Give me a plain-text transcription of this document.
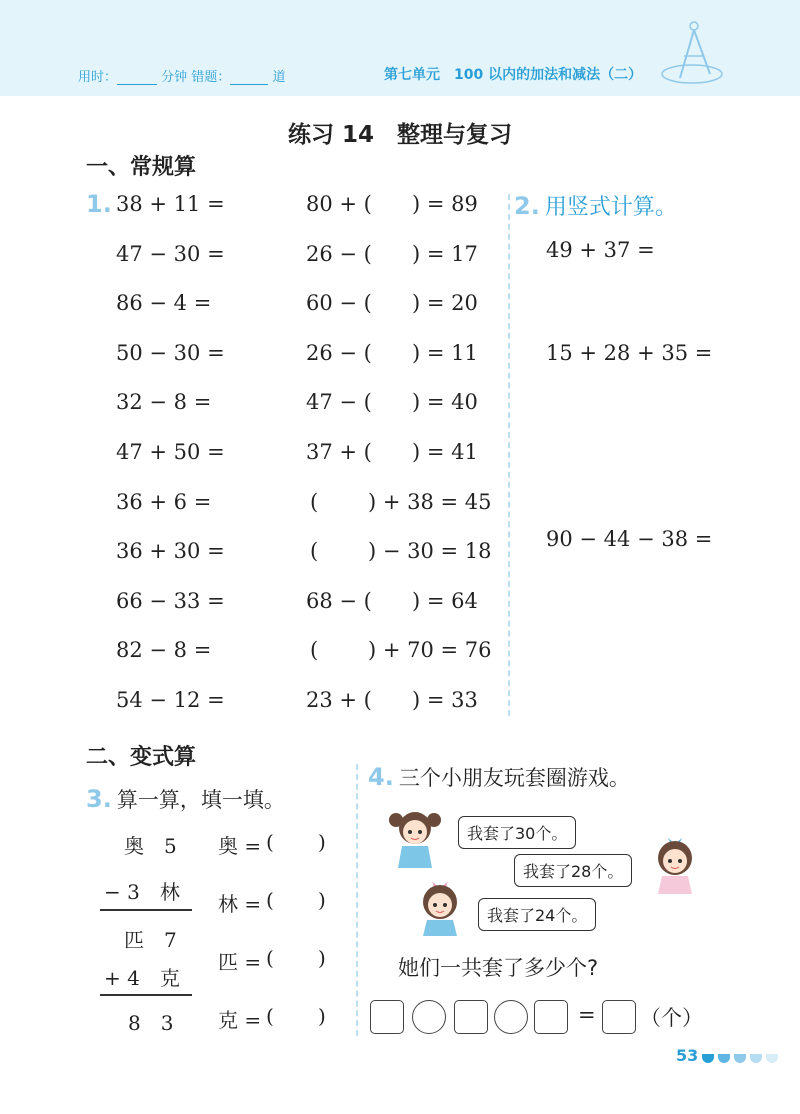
用时：	分钟 错题：	道	第七单元　100 以内的加法和减法（二）
练习 14　整理与复习
一、常规算
1. 38 + 11 =
47 − 30 =
86 − 4 =
50 − 30 =
32 − 8 =
47 + 50 =
36 + 6 =
36 + 30 =
66 − 33 =
82 − 8 =
54 − 12 =
80 + ( ) = 89
26 − ( ) = 17
60 − ( ) = 20
26 − ( ) = 11
47 − ( ) = 40
37 + ( ) = 41
( ) + 38 = 45
( ) − 30 = 18
68 − ( ) = 64
( ) + 70 = 76
23 + ( ) = 33
2. 用竖式计算。
49 + 37 =
15 + 28 + 35 =
90 − 44 − 38 =
二、变式算
3. 算一算，填一填。
奥　5
− 3　林
匹　7
+ 4　克
8　3
奥 = ( )
林 = ( )
匹 = ( )
克 = ( )
4. 三个小朋友玩套圈游戏。
我套了30个。
我套了28个。
我套了24个。
她们一共套了多少个?
= （个）
53
